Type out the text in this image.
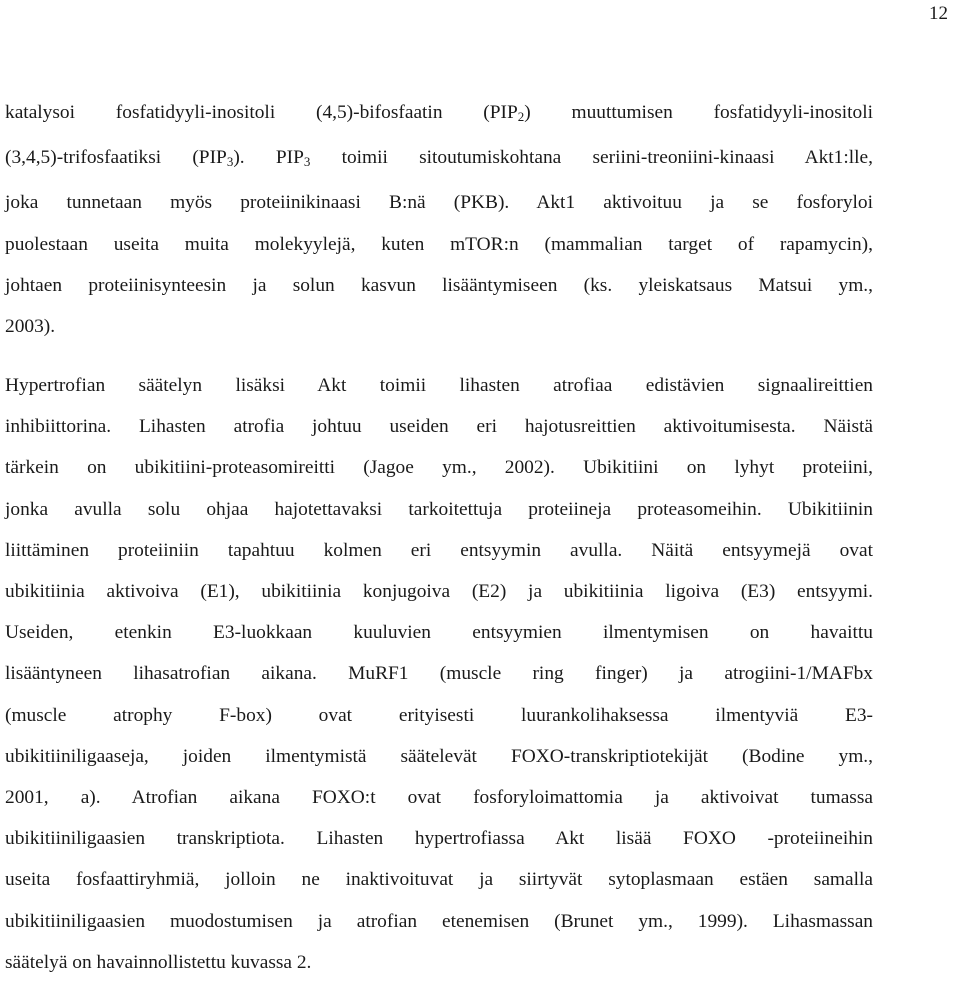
12

katalysoi fosfatidyyli-inositoli (4,5)-bifosfaatin $(PIP_2)$ muuttumisen fosfatidyyli-inositoli
(3,4,5)-trifosfaatiksi $(PIP_3)$. $PIP_3$ toimii sitoutumiskohtana seriini-treoniini-kinaasi Akt1:lle,
joka tunnetaan myös proteiinikinaasi B:nä (PKB). Akt1 aktivoituu ja se fosforyloi
puolestaan useita muita molekyylejä, kuten mTOR:n (mammalian target of rapamycin),
johtaen proteiinisynteesin ja solun kasvun lisääntymiseen (ks. yleiskatsaus Matsui ym.,
2003).

Hypertrofian säätelyn lisäksi Akt toimii lihasten atrofiaa edistävien signaalireittien
inhibiittorina. Lihasten atrofia johtuu useiden eri hajotusreittien aktivoitumisesta. Näistä
tärkein on ubikitiini-proteasomireitti (Jagoe ym., 2002). Ubikitiini on lyhyt proteiini,
jonka avulla solu ohjaa hajotettavaksi tarkoitettuja proteiineja proteasomeihin. Ubikitiinin
liittäminen proteiiniin tapahtuu kolmen eri entsyymin avulla. Näitä entsyymejä ovat
ubikitiinia aktivoiva (E1), ubikitiinia konjugoiva (E2) ja ubikitiinia ligoiva (E3) entsyymi.
Useiden, etenkin E3-luokkaan kuuluvien entsyymien ilmentymisen on havaittu
lisääntyneen lihasatrofian aikana. MuRF1 (muscle ring finger) ja atrogiini-1/MAFbx
(muscle atrophy F-box) ovat erityisesti luurankolihaksessa ilmentyviä E3-
ubikitiiniligaaseja, joiden ilmentymistä säätelevät FOXO-transkriptiotekijät (Bodine ym.,
2001, a). Atrofian aikana FOXO:t ovat fosforyloimattomia ja aktivoivat tumassa
ubikitiiniligaasien transkriptiota. Lihasten hypertrofiassa Akt lisää FOXO -proteiineihin
useita fosfaattiryhmiä, jolloin ne inaktivoituvat ja siirtyvät sytoplasmaan estäen samalla
ubikitiiniligaasien muodostumisen ja atrofian etenemisen (Brunet ym., 1999). Lihasmassan
säätelyä on havainnollistettu kuvassa 2.
